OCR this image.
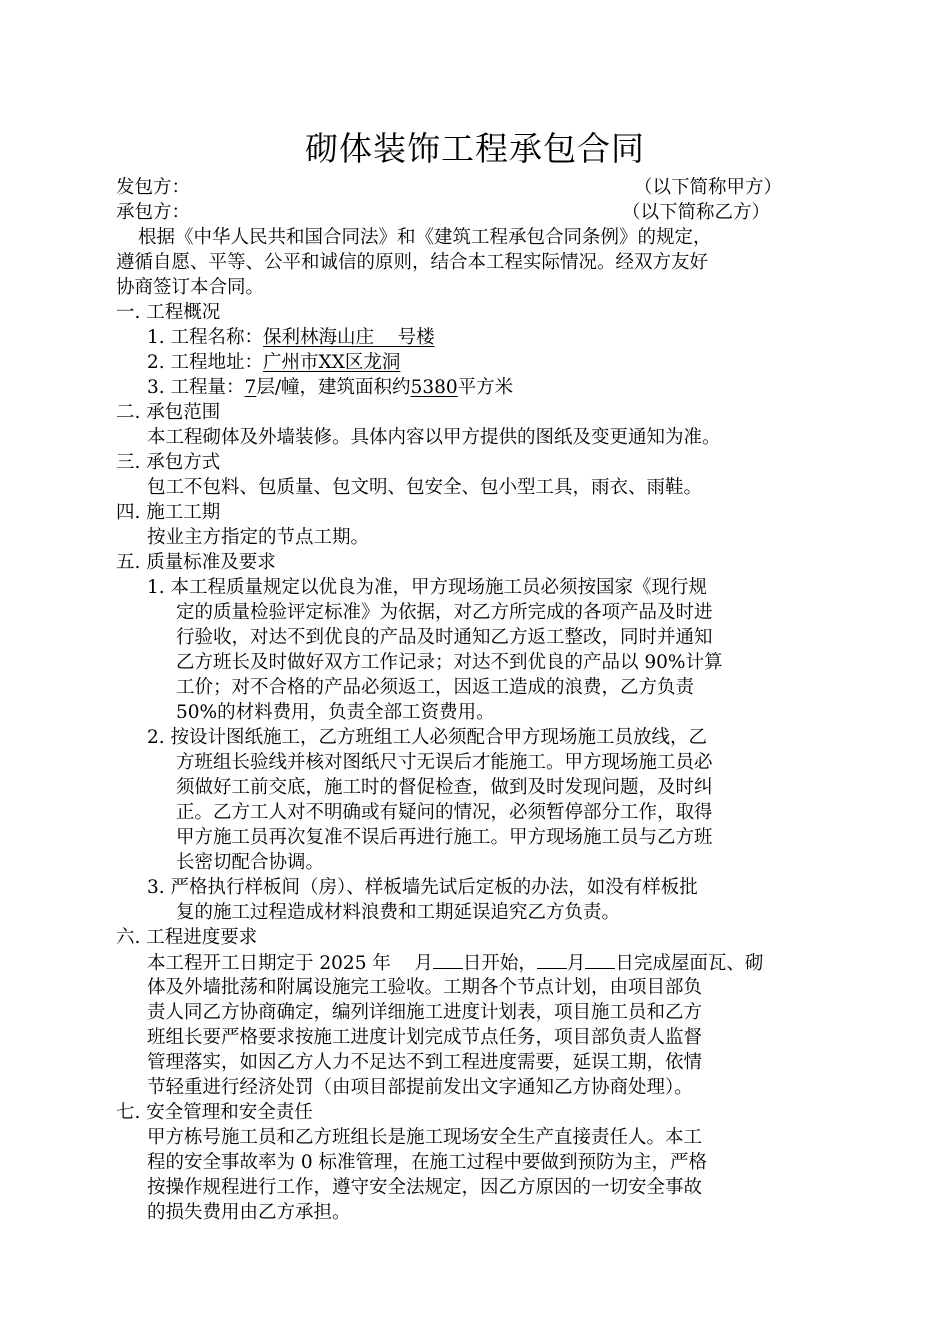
砌体装饰工程承包合同
发包方：	（以下简称甲方）
承包方：	（以下简称乙方）
根据《中华人民共和国合同法》和《建筑工程承包合同条例》的规定，
遵循自愿、平等、公平和诚信的原则，结合本工程实际情况。经双方友好
协商签订本合同。
一. 工程概况
1. 工程名称：保利林海山庄    号楼
2. 工程地址：广州市XX区龙洞
3. 工程量：7层/幢，建筑面积约5380平方米
二. 承包范围
本工程砌体及外墙装修。具体内容以甲方提供的图纸及变更通知为准。
三. 承包方式
包工不包料、包质量、包文明、包安全、包小型工具，雨衣、雨鞋。
四. 施工工期
按业主方指定的节点工期。
五. 质量标准及要求
1. 本工程质量规定以优良为准，甲方现场施工员必须按国家《现行规
定的质量检验评定标准》为依据，对乙方所完成的各项产品及时进
行验收，对达不到优良的产品及时通知乙方返工整改，同时并通知
乙方班长及时做好双方工作记录；对达不到优良的产品以 90%计算
工价；对不合格的产品必须返工，因返工造成的浪费，乙方负责
50%的材料费用，负责全部工资费用。
2. 按设计图纸施工，乙方班组工人必须配合甲方现场施工员放线，乙
方班组长验线并核对图纸尺寸无误后才能施工。甲方现场施工员必
须做好工前交底，施工时的督促检查，做到及时发现问题，及时纠
正。乙方工人对不明确或有疑问的情况，必须暂停部分工作，取得
甲方施工员再次复准不误后再进行施工。甲方现场施工员与乙方班
长密切配合协调。
3. 严格执行样板间（房）、样板墙先试后定板的办法，如没有样板批
复的施工过程造成材料浪费和工期延误追究乙方负责。
六. 工程进度要求
本工程开工日期定于 2025 年    月 日开始， 月 日完成屋面瓦、砌
体及外墙批荡和附属设施完工验收。工期各个节点计划，由项目部负
责人同乙方协商确定，编列详细施工进度计划表，项目施工员和乙方
班组长要严格要求按施工进度计划完成节点任务，项目部负责人监督
管理落实，如因乙方人力不足达不到工程进度需要，延误工期，依情
节轻重进行经济处罚（由项目部提前发出文字通知乙方协商处理）。
七. 安全管理和安全责任
甲方栋号施工员和乙方班组长是施工现场安全生产直接责任人。本工
程的安全事故率为 0 标准管理，在施工过程中要做到预防为主，严格
按操作规程进行工作，遵守安全法规定，因乙方原因的一切安全事故
的损失费用由乙方承担。
